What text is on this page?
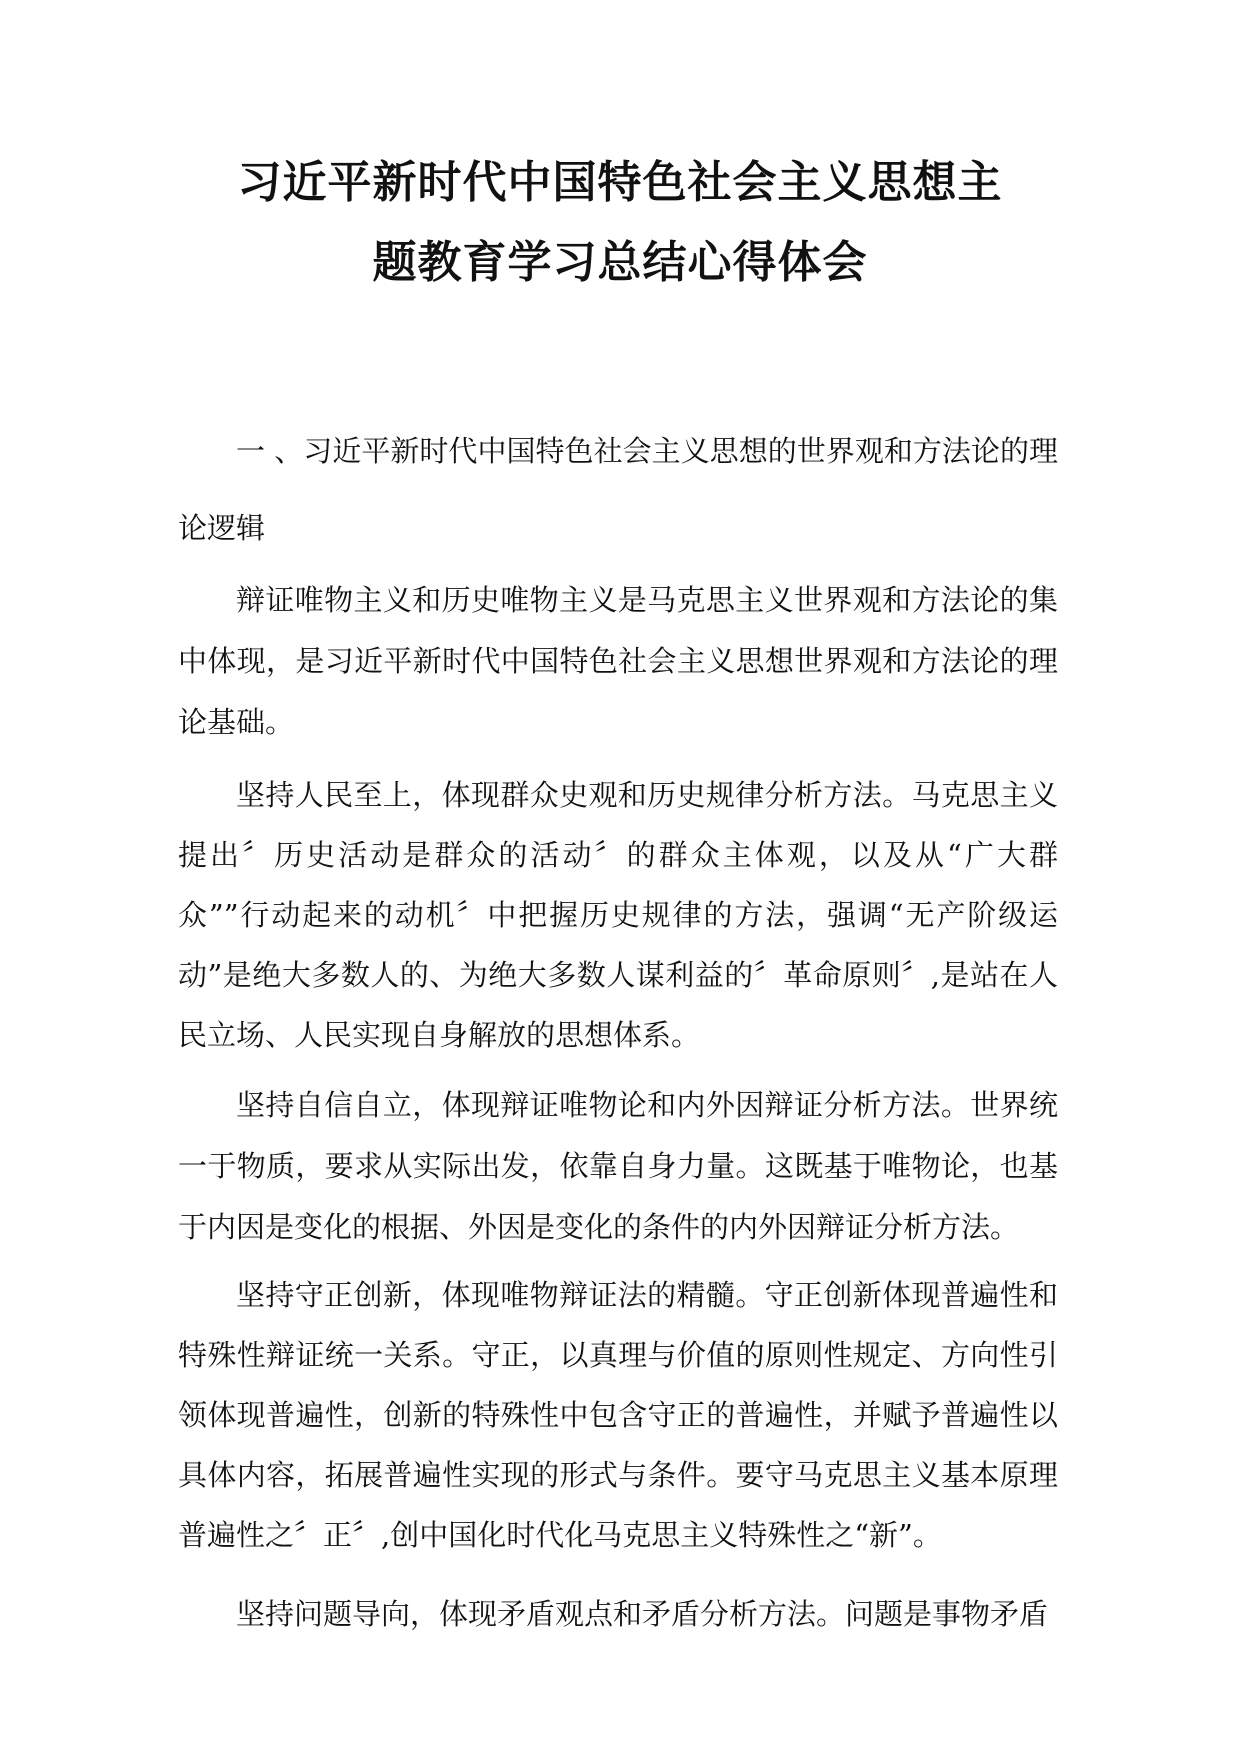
习近平新时代中国特色社会主义思想主
题教育学习总结心得体会

一 、习近平新时代中国特色社会主义思想的世界观和方法论的理论逻辑

辩证唯物主义和历史唯物主义是马克思主义世界观和方法论的集中体现，是习近平新时代中国特色社会主义思想世界观和方法论的理论基础。

坚持人民至上，体现群众史观和历史规律分析方法。马克思主义提出〞历史活动是群众的活动〞的群众主体观，以及从“广大群众””行动起来的动机〞中把握历史规律的方法，强调“无产阶级运动”是绝大多数人的、为绝大多数人谋利益的〞革命原则〞,是站在人民立场、人民实现自身解放的思想体系。

坚持自信自立，体现辩证唯物论和内外因辩证分析方法。世界统一于物质，要求从实际出发，依靠自身力量。这既基于唯物论，也基于内因是变化的根据、外因是变化的条件的内外因辩证分析方法。

坚持守正创新，体现唯物辩证法的精髓。守正创新体现普遍性和特殊性辩证统一关系。守正，以真理与价值的原则性规定、方向性引领体现普遍性，创新的特殊性中包含守正的普遍性，并赋予普遍性以具体内容，拓展普遍性实现的形式与条件。要守马克思主义基本原理普遍性之〞正〞,创中国化时代化马克思主义特殊性之“新”。

坚持问题导向，体现矛盾观点和矛盾分析方法。问题是事物矛盾
